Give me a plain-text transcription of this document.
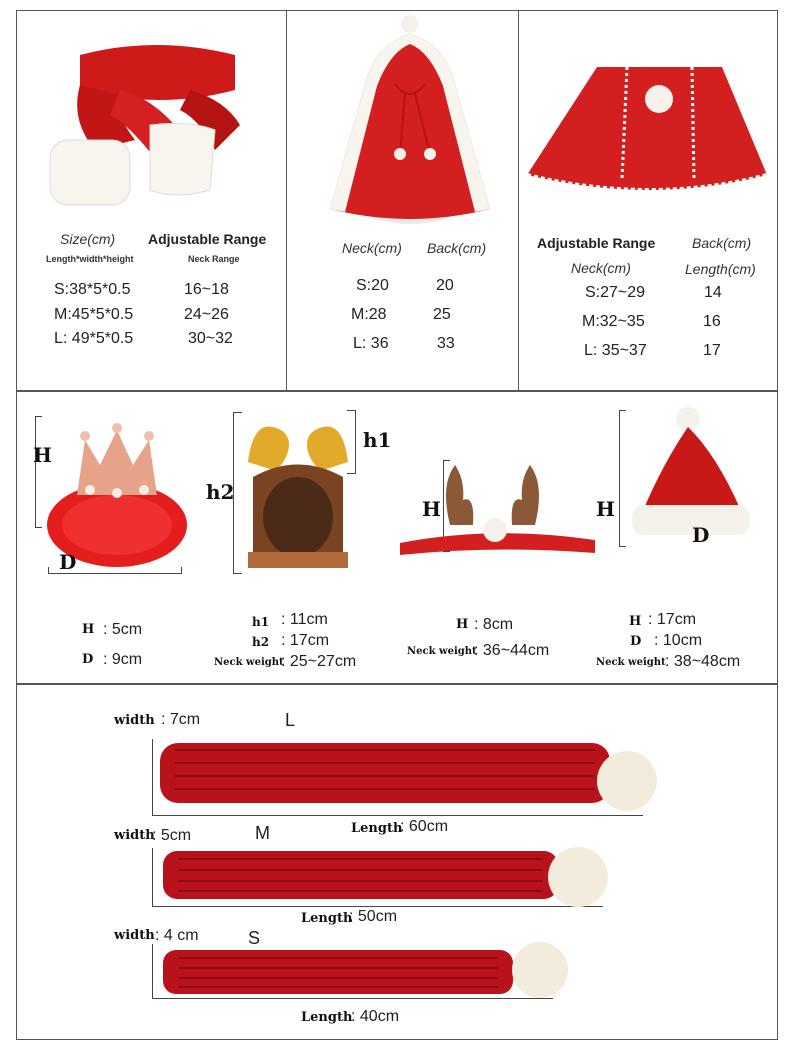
Size(cm) Adjustable Range
Length*width*height	Neck Range
S:38*5*0.5	16~18
M:45*5*0.5	24~26
L: 49*5*0.5	30~32
Neck(cm) Back(cm)
S:20	20
M:28	25
L: 36	33
Adjustable Range	Back(cm)
Neck(cm)	Length(cm)
S:27~29	14
M:32~35	16
L: 35~37	17
H
D
H : 5cm
D : 9cm
h1
h2
h1 : 11cm
h2 : 17cm
Neck weight
: 25~27cm
H
H : 8cm
Neck weight
: 36~44cm
H
D
H : 17cm
D : 10cm
Neck weight : 38~48cm
width : 7cm	L
Length
: 60cm
width
: 5cm	M
Length
: 50cm
width : 4 cm	S
Length
: 40cm
